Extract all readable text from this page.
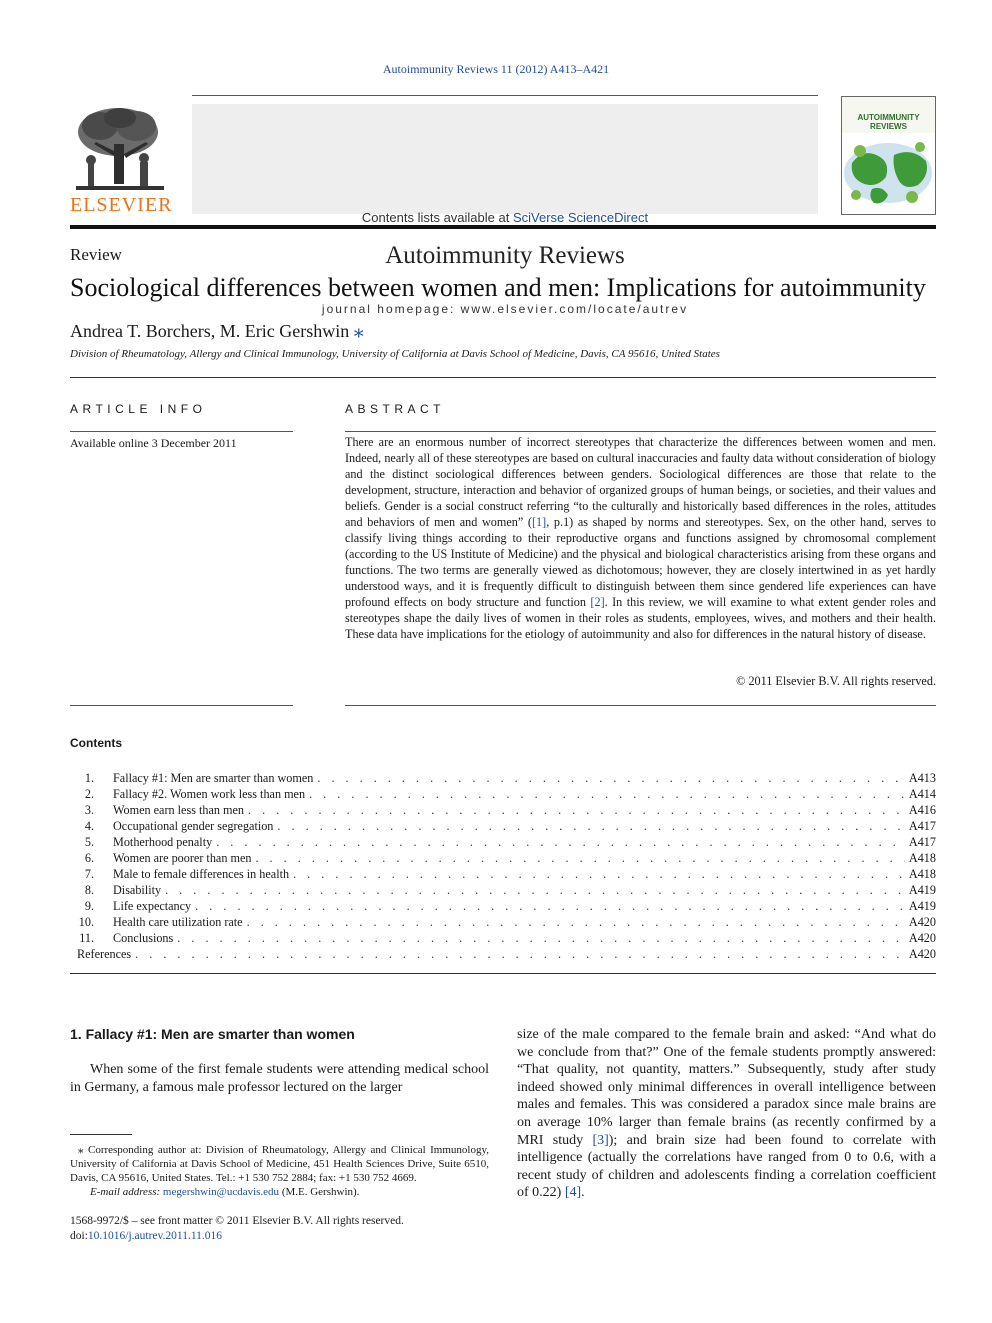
Autoimmunity Reviews 11 (2012) A413–A421
ELSEVIER
Contents lists available at SciVerse ScienceDirect
Autoimmunity Reviews
journal homepage: www.elsevier.com/locate/autrev
AUTOIMMUNITY REVIEWS
Review
Sociological differences between women and men: Implications for autoimmunity
Andrea T. Borchers, M. Eric Gershwin ⁎
Division of Rheumatology, Allergy and Clinical Immunology, University of California at Davis School of Medicine, Davis, CA 95616, United States
ARTICLE INFO
Available online 3 December 2011
ABSTRACT
There are an enormous number of incorrect stereotypes that characterize the differences between women and men. Indeed, nearly all of these stereotypes are based on cultural inaccuracies and faulty data without consideration of biology and the distinct sociological differences between genders. Sociological differences are those that relate to the development, structure, interaction and behavior of organized groups of human beings, or societies, and their values and beliefs. Gender is a social construct referring “to the culturally and historically based differences in the roles, attitudes and behaviors of men and women” ([1], p.1) as shaped by norms and stereotypes. Sex, on the other hand, serves to classify living things according to their reproductive organs and functions assigned by chromosomal complement (according to the US Institute of Medicine) and the physical and biological characteristics arising from these organs and functions. The two terms are generally viewed as dichotomous; however, they are closely intertwined in as yet hardly understood ways, and it is frequently difficult to distinguish between them since gendered life experiences can have profound effects on body structure and function [2]. In this review, we will examine to what extent gender roles and stereotypes shape the daily lives of women in their roles as students, employees, wives, and mothers and their health. These data have implications for the etiology of autoimmunity and also for differences in the natural history of disease.
© 2011 Elsevier B.V. All rights reserved.
Contents
1.	Fallacy #1: Men are smarter than women . . .	A413
2.	Fallacy #2. Women work less than men . . .	A414
3.	Women earn less than men . . .	A416
4.	Occupational gender segregation . . .	A417
5.	Motherhood penalty . . .	A417
6.	Women are poorer than men . . .	A418
7.	Male to female differences in health . . .	A418
8.	Disability . . .	A419
9.	Life expectancy . . .	A419
10.	Health care utilization rate . . .	A420
11.	Conclusions . . .	A420
References . . .	A420
1. Fallacy #1: Men are smarter than women
When some of the first female students were attending medical school in Germany, a famous male professor lectured on the larger
size of the male compared to the female brain and asked: “And what do we conclude from that?” One of the female students promptly answered: “That quality, not quantity, matters.” Subsequently, study after study indeed showed only minimal differences in overall intelligence between males and females. This was considered a paradox since male brains are on average 10% larger than female brains (as recently confirmed by a MRI study [3]); and brain size had been found to correlate with intelligence (actually the correlations have ranged from 0 to 0.6, with a recent study of children and adolescents finding a correlation coefficient of 0.22) [4].
⁎ Corresponding author at: Division of Rheumatology, Allergy and Clinical Immunology, University of California at Davis School of Medicine, 451 Health Sciences Drive, Suite 6510, Davis, CA 95616, United States. Tel.: +1 530 752 2884; fax: +1 530 752 4669.
E-mail address: megershwin@ucdavis.edu (M.E. Gershwin).
1568-9972/$ – see front matter © 2011 Elsevier B.V. All rights reserved.
doi:10.1016/j.autrev.2011.11.016
